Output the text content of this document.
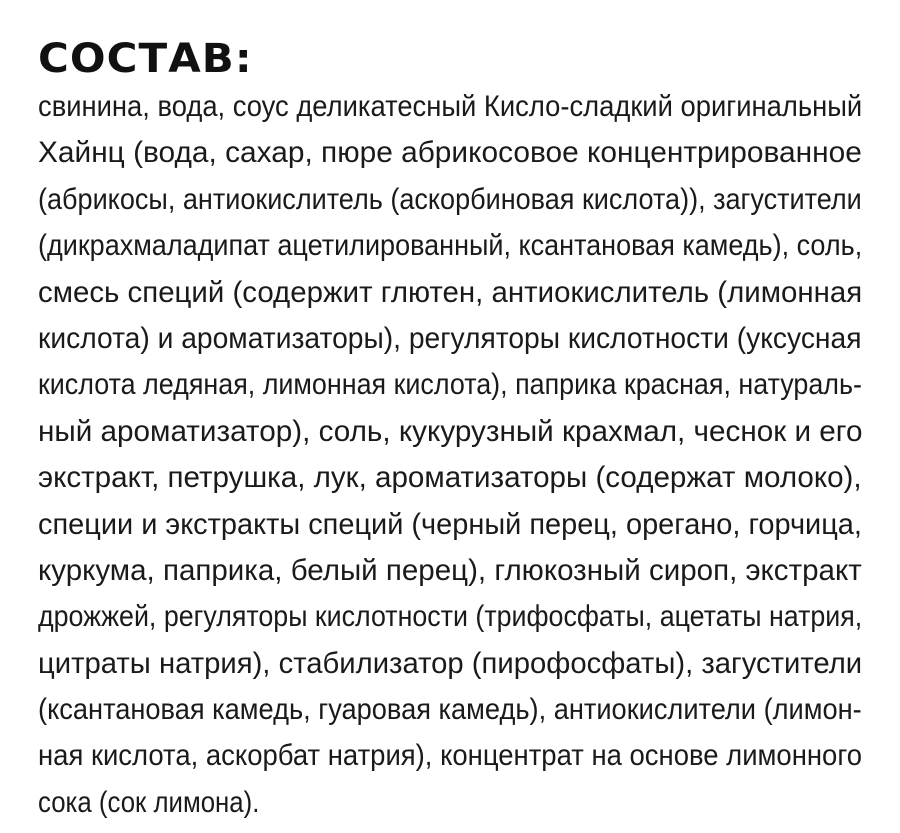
СОСТАВ:
свинина, вода, соус деликатесный Кисло-сладкий оригинальный
Хайнц (вода, сахар, пюре абрикосовое концентрированное
(абрикосы, антиокислитель (аскорбиновая кислота)), загустители
(дикрахмаладипат ацетилированный, ксантановая камедь), соль,
смесь специй (содержит глютен, антиокислитель (лимонная
кислота) и ароматизаторы), регуляторы кислотности (уксусная
кислота ледяная, лимонная кислота), паприка красная, натураль-
ный ароматизатор), соль, кукурузный крахмал, чеснок и его
экстракт, петрушка, лук, ароматизаторы (содержат молоко),
специи и экстракты специй (черный перец, орегано, горчица,
куркума, паприка, белый перец), глюкозный сироп, экстракт
дрожжей, регуляторы кислотности (трифосфаты, ацетаты натрия,
цитраты натрия), стабилизатор (пирофосфаты), загустители
(ксантановая камедь, гуаровая камедь), антиокислители (лимон-
ная кислота, аскорбат натрия), концентрат на основе лимонного
сока (сок лимона).
